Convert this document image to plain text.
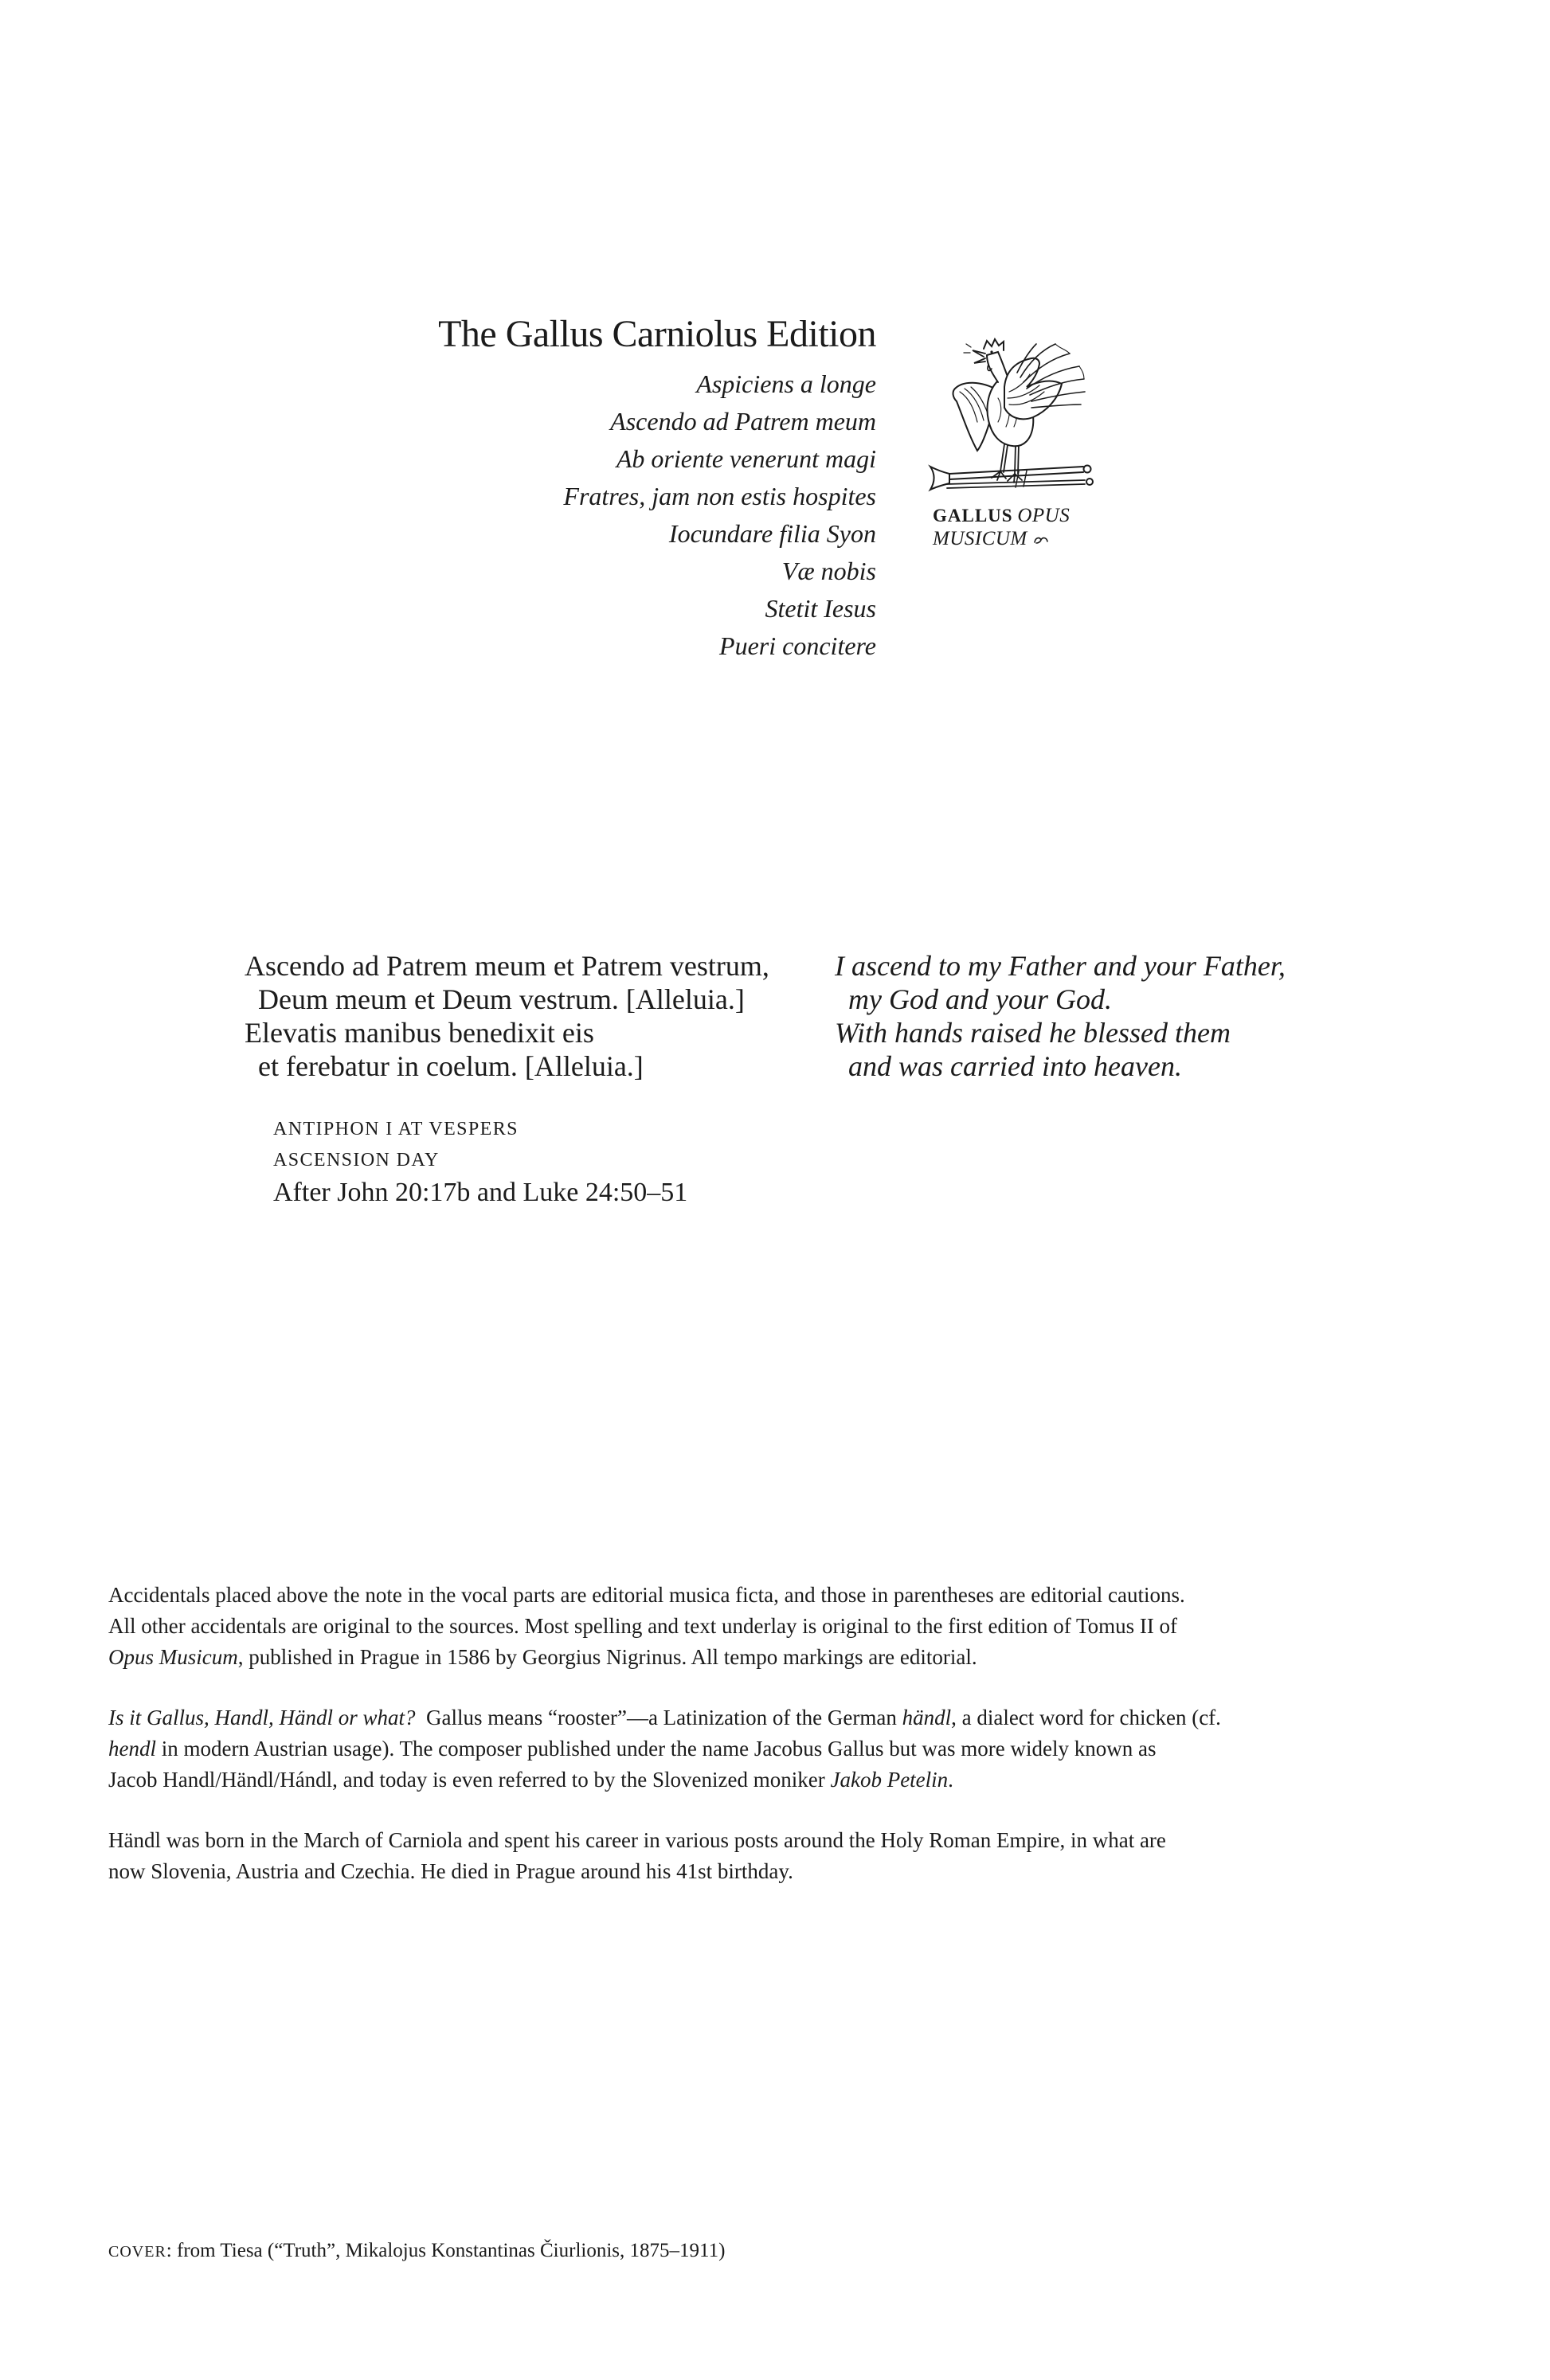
The Gallus Carniolus Edition
Aspiciens a longe
Ascendo ad Patrem meum
Ab oriente venerunt magi
Fratres, jam non estis hospites
Iocundare filia Syon
Væ nobis
Stetit Iesus
Pueri concitere
GALLUS OPUS
MUSICUM
Ascendo ad Patrem meum et Patrem vestrum,
Deum meum et Deum vestrum. [Alleluia.]
Elevatis manibus benedixit eis
et ferebatur in coelum. [Alleluia.]
I ascend to my Father and your Father,
my God and your God.
With hands raised he blessed them
and was carried into heaven.
ANTIPHON I AT VESPERS
ASCENSION DAY
After John 20:17b and Luke 24:50–51
Accidentals placed above the note in the vocal parts are editorial musica ficta, and those in parentheses are editorial cautions.
All other accidentals are original to the sources. Most spelling and text underlay is original to the first edition of Tomus II of
Opus Musicum, published in Prague in 1586 by Georgius Nigrinus. All tempo markings are editorial.
Is it Gallus, Handl, Händl or what? Gallus means “rooster”—a Latinization of the German händl, a dialect word for chicken (cf.
hendl in modern Austrian usage). The composer published under the name Jacobus Gallus but was more widely known as
Jacob Handl/Händl/Hándl, and today is even referred to by the Slovenized moniker Jakob Petelin.
Händl was born in the March of Carniola and spent his career in various posts around the Holy Roman Empire, in what are
now Slovenia, Austria and Czechia. He died in Prague around his 41st birthday.
COVER: from Tiesa (“Truth”, Mikalojus Konstantinas Čiurlionis, 1875–1911)
